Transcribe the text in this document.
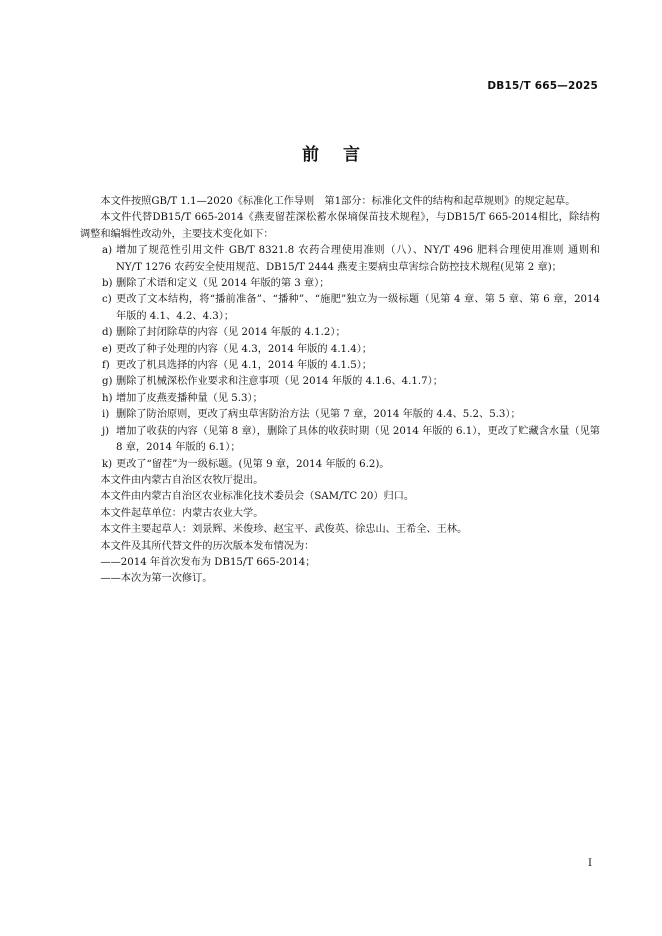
DB15/T 665—2025
前言

本文件按照GB/T 1.1—2020《标准化工作导则　第1部分：标准化文件的结构和起草规则》的规定起草。

本文件代替DB15/T 665-2014《燕麦留茬深松蓄水保墒保苗技术规程》，与DB15/T 665-2014相比，除结构调整和编辑性改动外，主要技术变化如下：

a) 增加了规范性引用文件 GB/T 8321.8 农药合理使用准则（八）、NY/T 496 肥料合理使用准则 通则和 NY/T 1276 农药安全使用规范、DB15/T 2444 燕麦主要病虫草害综合防控技术规程(见第 2 章)；
b) 删除了术语和定义（见 2014 年版的第 3 章）；
c) 更改了文本结构，将“播前准备”、“播种”、“施肥”独立为一级标题（见第 4 章、第 5 章、第 6 章，2014 年版的 4.1、4.2、4.3）；
d) 删除了封闭除草的内容（见 2014 年版的 4.1.2）；
e) 更改了种子处理的内容（见 4.3，2014 年版的 4.1.4）；
f) 更改了机具选择的内容（见 4.1，2014 年版的 4.1.5）；
g) 删除了机械深松作业要求和注意事项（见 2014 年版的 4.1.6、4.1.7）；
h) 增加了皮燕麦播种量（见 5.3）；
i) 删除了防治原则，更改了病虫草害防治方法（见第 7 章，2014 年版的 4.4、5.2、5.3）；
j) 增加了收获的内容（见第 8 章），删除了具体的收获时期（见 2014 年版的 6.1），更改了贮藏含水量（见第 8 章，2014 年版的 6.1）；
k) 更改了“留茬”为一级标题。(见第 9 章，2014 年版的 6.2)。

本文件由内蒙古自治区农牧厅提出。

本文件由内蒙古自治区农业标准化技术委员会（SAM/TC 20）归口。

本文件起草单位：内蒙古农业大学。

本文件主要起草人：刘景辉、米俊珍、赵宝平、武俊英、徐忠山、王希全、王林。

本文件及其所代替文件的历次版本发布情况为：

——2014 年首次发布为 DB15/T 665-2014；

——本次为第一次修订。

I
